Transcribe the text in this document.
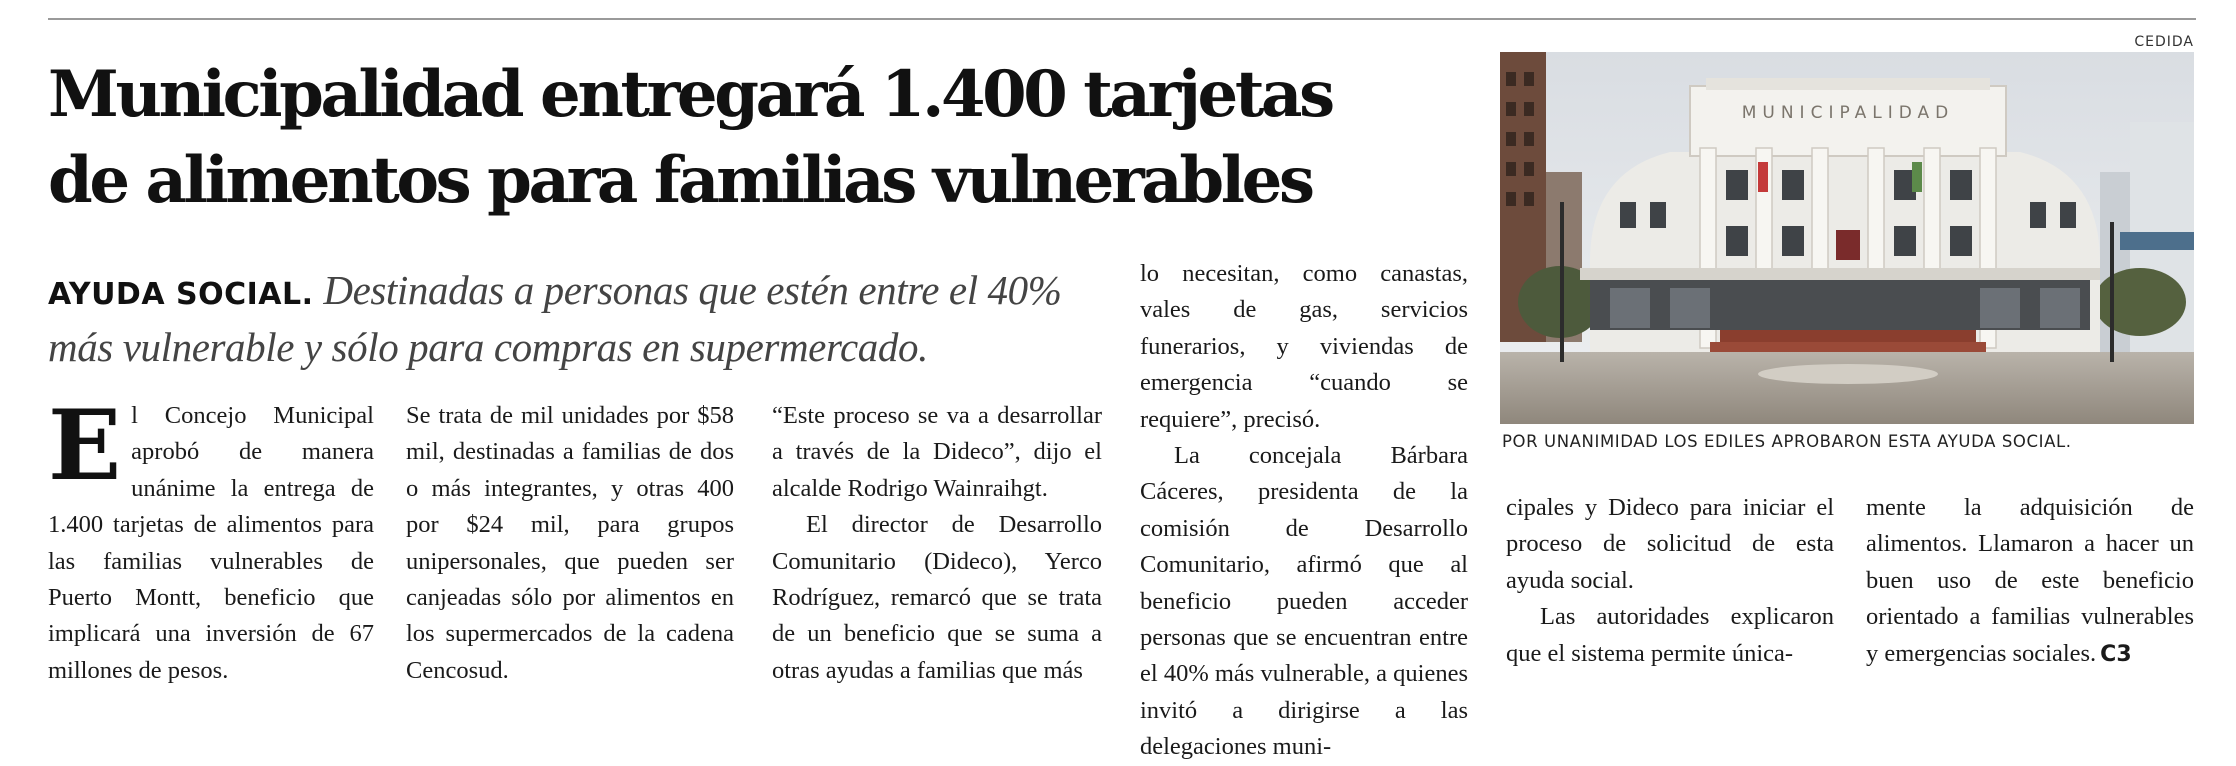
Municipalidad entregará 1.400 tarjetas
de alimentos para familias vulnerables
AYUDA SOCIAL. Destinadas a personas que estén entre el 40% más vulnerable y sólo para compras en supermercado.

El Concejo Municipal aprobó de manera unánime la entrega de 1.400 tarjetas de alimentos para las familias vulnerables de Puerto Montt, beneficio que implicará una inversión de 67 millones de pesos.

Se trata de mil unidades por $58 mil, destinadas a familias de dos o más integrantes, y otras 400 por $24 mil, para grupos unipersonales, que pueden ser canjeadas sólo por alimentos en los supermercados de la cadena Cencosud.

“Este proceso se va a desarrollar a través de la Dideco”, dijo el alcalde Rodrigo Wainraihgt.

El director de Desarrollo Comunitario (Dideco), Yerco Rodríguez, remarcó que se trata de un beneficio que se suma a otras ayudas a familias que más

lo necesitan, como canastas, vales de gas, servicios funerarios, y viviendas de emergencia “cuando se requiere”, precisó.

La concejala Bárbara Cáceres, presidenta de la comisión de Desarrollo Comunitario, afirmó que al beneficio pueden acceder personas que se encuentran entre el 40% más vulnerable, a quienes invitó a dirigirse a las delegaciones muni-

cipales y Dideco para iniciar el proceso de solicitud de esta ayuda social.

Las autoridades explicaron que el sistema permite única-

mente la adquisición de alimentos. Llamaron a hacer un buen uso de este beneficio orientado a familias vulnerables y emergencias sociales. C3

CEDIDA
MUNICIPALIDAD
POR UNANIMIDAD LOS EDILES APROBARON ESTA AYUDA SOCIAL.
